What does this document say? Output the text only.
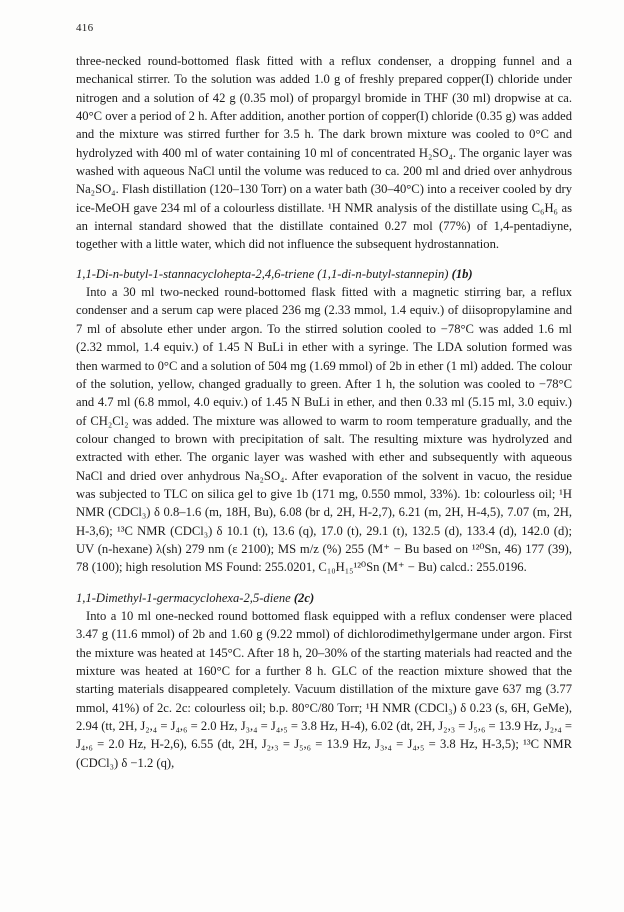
416

three-necked round-bottomed flask fitted with a reflux condenser, a dropping funnel and a mechanical stirrer. To the solution was added 1.0 g of freshly prepared copper(I) chloride under nitrogen and a solution of 42 g (0.35 mol) of propargyl bromide in THF (30 ml) dropwise at ca. 40°C over a period of 2 h. After addition, another portion of copper(I) chloride (0.35 g) was added and the mixture was stirred further for 3.5 h. The dark brown mixture was cooled to 0°C and hydrolyzed with 400 ml of water containing 10 ml of concentrated H₂SO₄. The organic layer was washed with aqueous NaCl until the volume was reduced to ca. 200 ml and dried over anhydrous Na₂SO₄. Flash distillation (120–130 Torr) on a water bath (30–40°C) into a receiver cooled by dry ice-MeOH gave 234 ml of a colourless distillate. ¹H NMR analysis of the distillate using C₆H₆ as an internal standard showed that the distillate contained 0.27 mol (77%) of 1,4-pentadiyne, together with a little water, which did not influence the subsequent hydrostannation.

1,1-Di-n-butyl-1-stannacyclohepta-2,4,6-triene (1,1-di-n-butyl-stannepin) (1b)

Into a 30 ml two-necked round-bottomed flask fitted with a magnetic stirring bar, a reflux condenser and a serum cap were placed 236 mg (2.33 mmol, 1.4 equiv.) of diisopropylamine and 7 ml of absolute ether under argon. To the stirred solution cooled to −78°C was added 1.6 ml (2.32 mmol, 1.4 equiv.) of 1.45 N BuLi in ether with a syringe. The LDA solution formed was then warmed to 0°C and a solution of 504 mg (1.69 mmol) of 2b in ether (1 ml) added. The colour of the solution, yellow, changed gradually to green. After 1 h, the solution was cooled to −78°C and 4.7 ml (6.8 mmol, 4.0 equiv.) of 1.45 N BuLi in ether, and then 0.33 ml (5.15 ml, 3.0 equiv.) of CH₂Cl₂ was added. The mixture was allowed to warm to room temperature gradually, and the colour changed to brown with precipitation of salt. The resulting mixture was hydrolyzed and extracted with ether. The organic layer was washed with ether and subsequently with aqueous NaCl and dried over anhydrous Na₂SO₄. After evaporation of the solvent in vacuo, the residue was subjected to TLC on silica gel to give 1b (171 mg, 0.550 mmol, 33%). 1b: colourless oil; ¹H NMR (CDCl₃) δ 0.8–1.6 (m, 18H, Bu), 6.08 (br d, 2H, H-2,7), 6.21 (m, 2H, H-4,5), 7.07 (m, 2H, H-3,6); ¹³C NMR (CDCl₃) δ 10.1 (t), 13.6 (q), 17.0 (t), 29.1 (t), 132.5 (d), 133.4 (d), 142.0 (d); UV (n-hexane) λ(sh) 279 nm (ε 2100); MS m/z (%) 255 (M⁺ − Bu based on ¹²⁰Sn, 46) 177 (39), 78 (100); high resolution MS Found: 255.0201, C₁₀H₁₅¹²⁰Sn (M⁺ − Bu) calcd.: 255.0196.

1,1-Dimethyl-1-germacyclohexa-2,5-diene (2c)

Into a 10 ml one-necked round bottomed flask equipped with a reflux condenser were placed 3.47 g (11.6 mmol) of 2b and 1.60 g (9.22 mmol) of dichlorodimethylgermane under argon. First the mixture was heated at 145°C. After 18 h, 20–30% of the starting materials had reacted and the mixture was heated at 160°C for a further 8 h. GLC of the reaction mixture showed that the starting materials disappeared completely. Vacuum distillation of the mixture gave 637 mg (3.77 mmol, 41%) of 2c. 2c: colourless oil; b.p. 80°C/80 Torr; ¹H NMR (CDCl₃) δ 0.23 (s, 6H, GeMe), 2.94 (tt, 2H, J₂,₄ = J₄,₆ = 2.0 Hz, J₃,₄ = J₄,₅ = 3.8 Hz, H-4), 6.02 (dt, 2H, J₂,₃ = J₅,₆ = 13.9 Hz, J₂,₄ = J₄,₆ = 2.0 Hz, H-2,6), 6.55 (dt, 2H, J₂,₃ = J₅,₆ = 13.9 Hz, J₃,₄ = J₄,₅ = 3.8 Hz, H-3,5); ¹³C NMR (CDCl₃) δ −1.2 (q),
